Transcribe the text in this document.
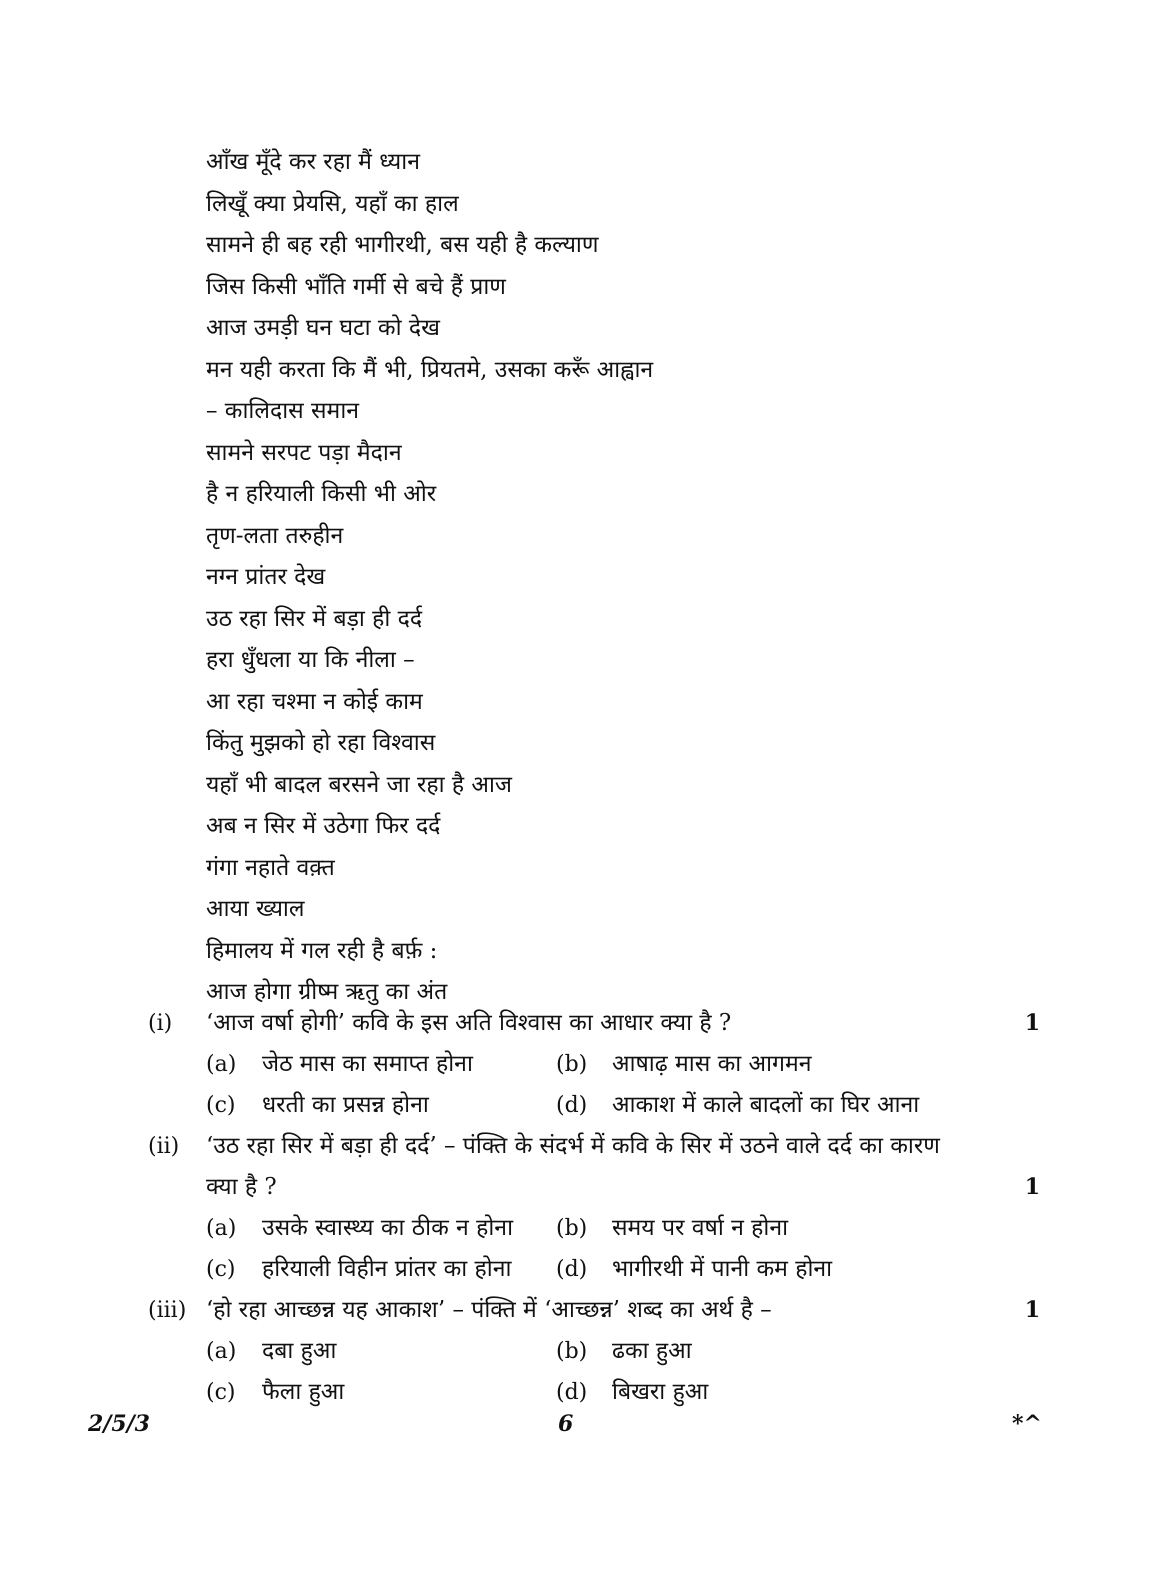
आँख मूँदे कर रहा मैं ध्यान
लिखूँ क्या प्रेयसि, यहाँ का हाल
सामने ही बह रही भागीरथी, बस यही है कल्याण
जिस किसी भाँति गर्मी से बचे हैं प्राण
आज उमड़ी घन घटा को देख
मन यही करता कि मैं भी, प्रियतमे, उसका करूँ आह्वान
– कालिदास समान
सामने सरपट पड़ा मैदान
है न हरियाली किसी भी ओर
तृण-लता तरुहीन
नग्न प्रांतर देख
उठ रहा सिर में बड़ा ही दर्द
हरा धुँधला या कि नीला –
आ रहा चश्मा न कोई काम
किंतु मुझको हो रहा विश्वास
यहाँ भी बादल बरसने जा रहा है आज
अब न सिर में उठेगा फिर दर्द
गंगा नहाते वक़्त
आया ख्याल
हिमालय में गल रही है बर्फ़ :
आज होगा ग्रीष्म ऋतु का अंत
(i) ‘आज वर्षा होगी’ कवि के इस अति विश्वास का आधार क्या है ?	1
(a) जेठ मास का समाप्त होना	(b) आषाढ़ मास का आगमन
(c) धरती का प्रसन्न होना	(d) आकाश में काले बादलों का घिर आना
(ii) ‘उठ रहा सिर में बड़ा ही दर्द’ – पंक्ति के संदर्भ में कवि के सिर में उठने वाले दर्द का कारण
क्या है ?	1
(a) उसके स्वास्थ्य का ठीक न होना (b) समय पर वर्षा न होना
(c) हरियाली विहीन प्रांतर का होना (d) भागीरथी में पानी कम होना
(iii) ‘हो रहा आच्छन्न यह आकाश’ – पंक्ति में ‘आच्छन्न’ शब्द का अर्थ है –	1
(a) दबा हुआ	(b) ढका हुआ
(c) फैला हुआ	(d) बिखरा हुआ
2/5/3	6	*^
